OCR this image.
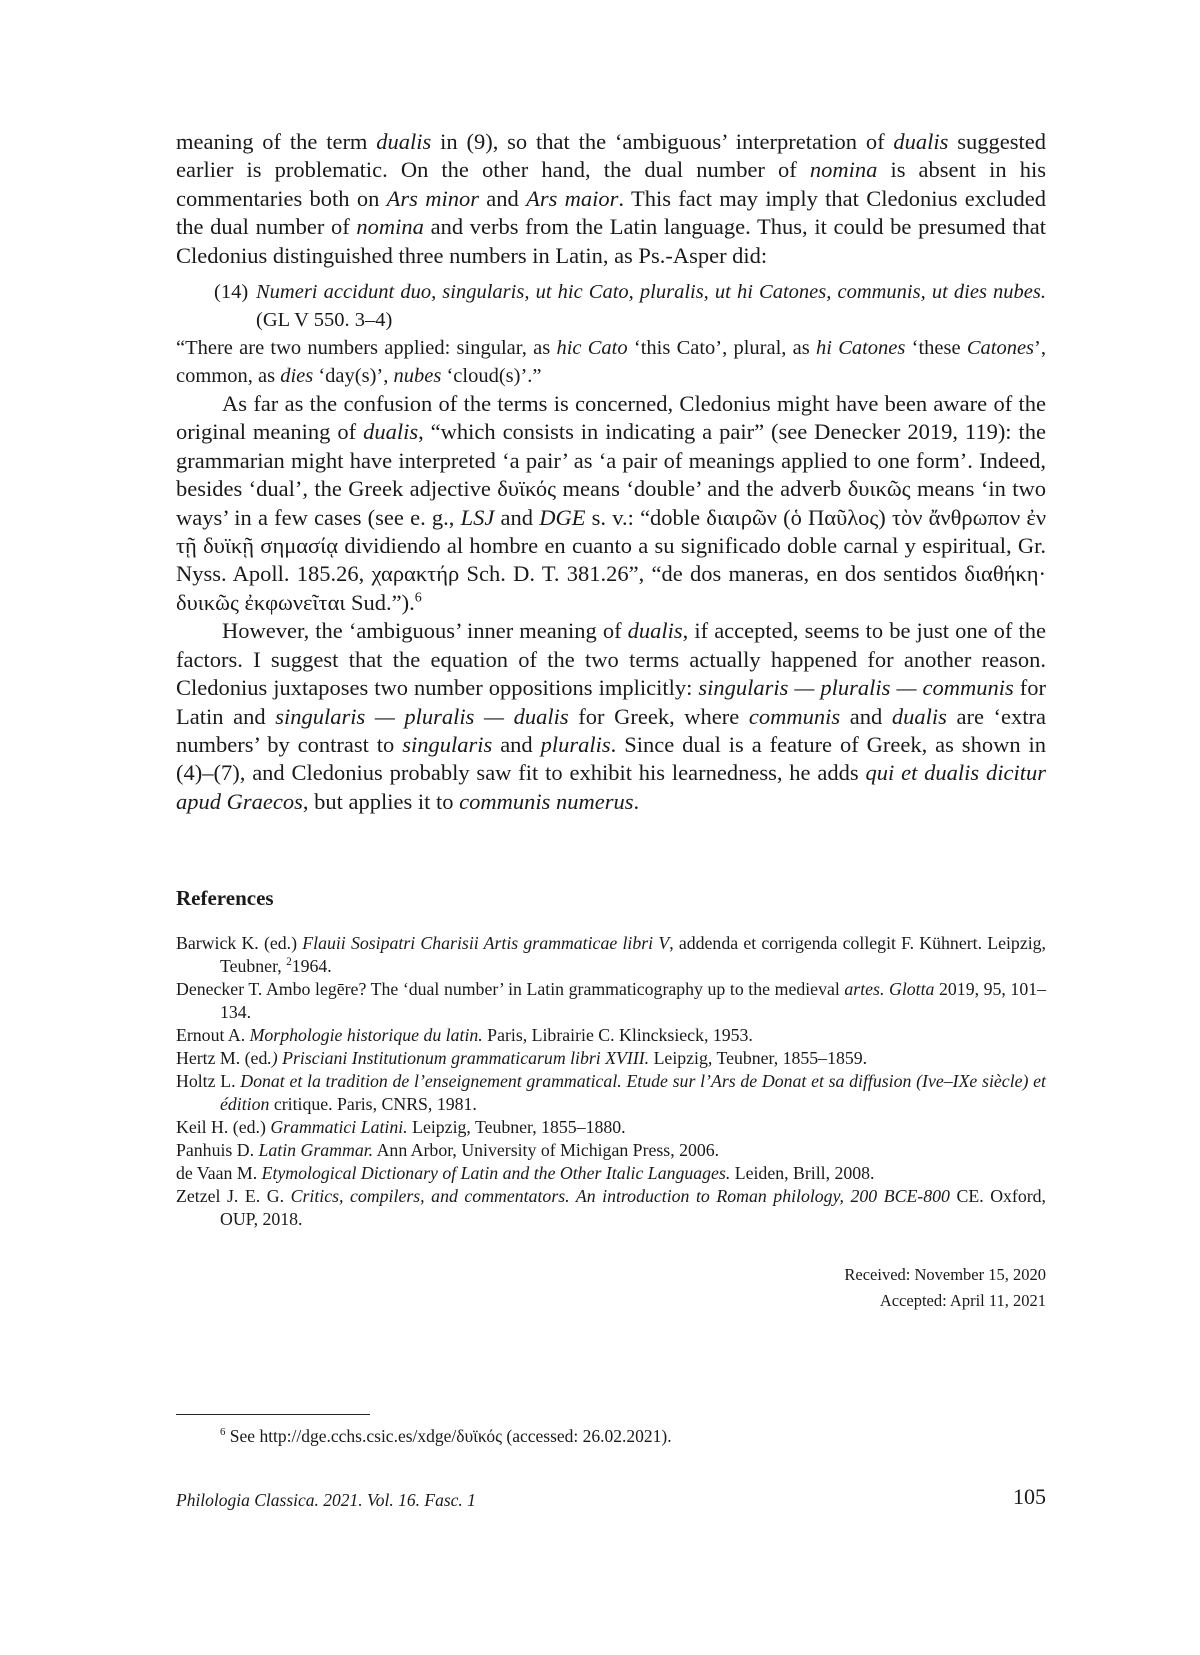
meaning of the term dualis in (9), so that the ‘ambiguous’ interpretation of dualis suggested earlier is problematic. On the other hand, the dual number of nomina is absent in his commentaries both on Ars minor and Ars maior. This fact may imply that Cledonius excluded the dual number of nomina and verbs from the Latin language. Thus, it could be presumed that Cledonius distinguished three numbers in Latin, as Ps.-Asper did:

(14) Numeri accidunt duo, singularis, ut hic Cato, pluralis, ut hi Catones, communis, ut dies nubes. (GL V 550. 3–4)

“There are two numbers applied: singular, as hic Cato ‘this Cato’, plural, as hi Catones ‘these Catones’, common, as dies ‘day(s)’, nubes ‘cloud(s)’.”

As far as the confusion of the terms is concerned, Cledonius might have been aware of the original meaning of dualis, “which consists in indicating a pair” (see Denecker 2019, 119): the grammarian might have interpreted ‘a pair’ as ‘a pair of meanings applied to one form’. Indeed, besides ‘dual’, the Greek adjective δυϊκός means ‘double’ and the adverb δυικῶς means ‘in two ways’ in a few cases (see e. g., LSJ and DGE s. v.: “doble διαιρῶν (ὁ Παῦλος) τὸν ἄνθρωπον ἐν τῇ δυϊκῇ σημασίᾳ dividiendo al hombre en cuanto a su significado doble carnal y espiritual, Gr. Nyss. Apoll. 185.26, χαρακτήρ Sch. D. T. 381.26”, “de dos maneras, en dos sentidos διαθήκη· δυικῶς ἐκφωνεῖται Sud.”).$^6$

However, the ‘ambiguous’ inner meaning of dualis, if accepted, seems to be just one of the factors. I suggest that the equation of the two terms actually happened for another reason. Cledonius juxtaposes two number oppositions implicitly: singularis — pluralis — communis for Latin and singularis — pluralis — dualis for Greek, where communis and dualis are ‘extra numbers’ by contrast to singularis and pluralis. Since dual is a feature of Greek, as shown in (4)–(7), and Cledonius probably saw fit to exhibit his learnedness, he adds qui et dualis dicitur apud Graecos, but applies it to communis numerus.

References

Barwick K. (ed.) Flauii Sosipatri Charisii Artis grammaticae libri V, addenda et corrigenda collegit F. Kühnert. Leipzig, Teubner, $^2$1964.

Denecker T. Ambo legēre? The ‘dual number’ in Latin grammaticography up to the medieval artes. Glotta 2019, 95, 101–134.

Ernout A. Morphologie historique du latin. Paris, Librairie C. Klincksieck, 1953.

Hertz M. (ed.) Prisciani Institutionum grammaticarum libri XVIII. Leipzig, Teubner, 1855–1859.

Holtz L. Donat et la tradition de l’enseignement grammatical. Etude sur l’Ars de Donat et sa diffusion (Ive–IXe siècle) et édition critique. Paris, CNRS, 1981.

Keil H. (ed.) Grammatici Latini. Leipzig, Teubner, 1855–1880.

Panhuis D. Latin Grammar. Ann Arbor, University of Michigan Press, 2006.

de Vaan M. Etymological Dictionary of Latin and the Other Italic Languages. Leiden, Brill, 2008.

Zetzel J. E. G. Critics, compilers, and commentators. An introduction to Roman philology, 200 BCE-800 CE. Oxford, OUP, 2018.

Received: November 15, 2020
Accepted: April 11, 2021
$^6$ See http://dge.cchs.csic.es/xdge/δυϊκός (accessed: 26.02.2021).
Philologia Classica. 2021. Vol. 16. Fasc. 1	105
